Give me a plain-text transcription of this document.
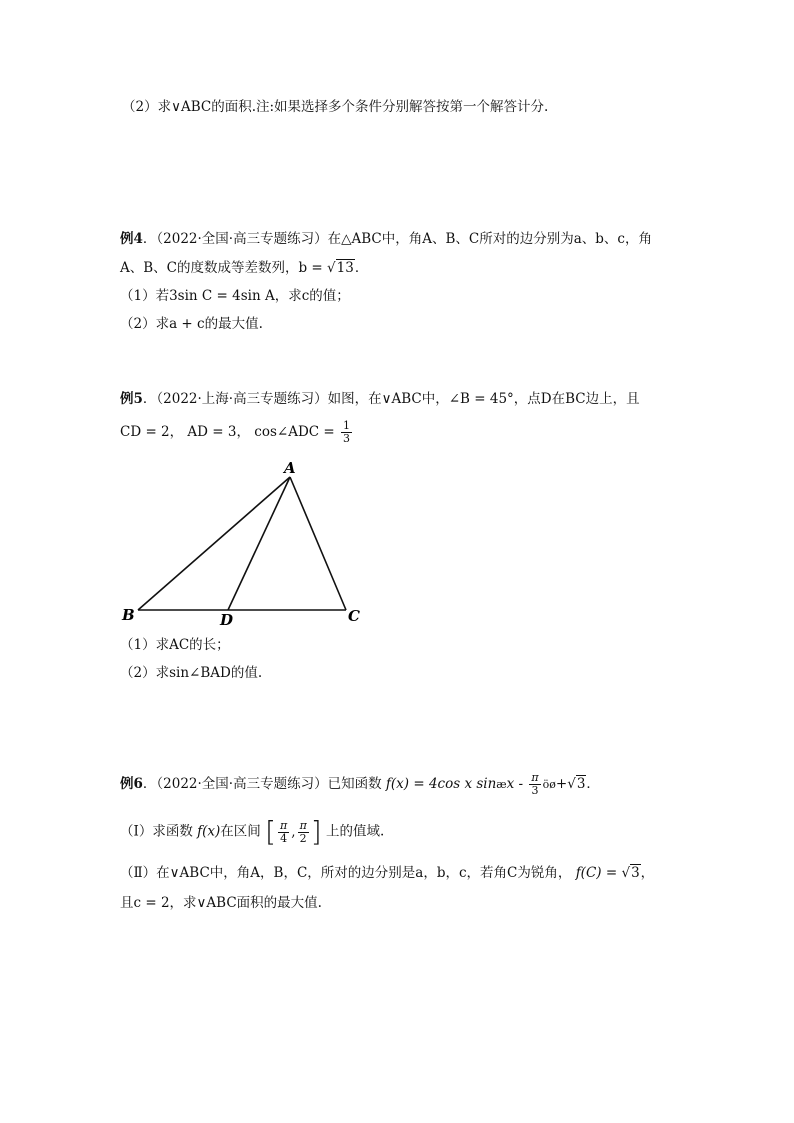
（2）求∨ABC的面积.注:如果选择多个条件分别解答按第一个解答计分.
例4．（2022·全国·高三专题练习）在△ABC中，角A、B、C所对的边分别为a、b、c，角
A、B、C的度数成等差数列，b = √13．
（1）若3sin C = 4sin A，求c的值；
（2）求a + c的最大值.
例5．（2022·上海·高三专题练习）如图，在∨ABC中，∠B = 45°，点D在BC边上，且
CD = 2， AD = 3， cos∠ADC = $\frac{1}{3}$
A
B	C
D
（1）求AC的长；
（2）求sin∠BAD的值.
例6．（2022·全国·高三专题练习）已知函数 f(x) = 4cos x sinæx - $\frac{\pi}{3}$ öø+√3．
（Ⅰ）求函数 f(x)在区间 [ $\frac{\pi}{4}$ , $\frac{\pi}{2}$ ] 上的值域.
（Ⅱ）在∨ABC中，角A，B，C，所对的边分别是a，b，c，若角C为锐角， f(C) = √3，
且c = 2，求∨ABC面积的最大值.
